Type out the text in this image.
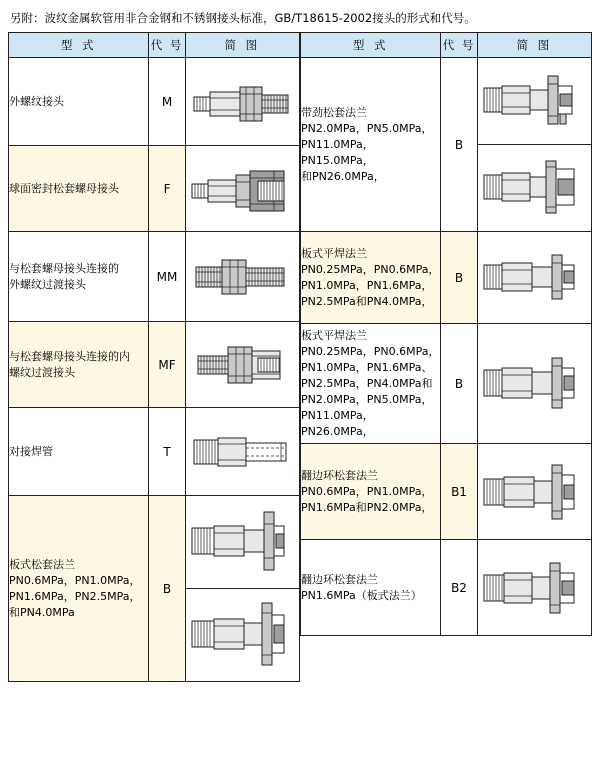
另附：波纹金属软管用非合金钢和不锈钢接头标准，GB/T18615-2002接头的形式和代号。
型 式	代 号	简 图
外螺纹接头	M	

球面密封松套螺母接头	F	

与松套螺母接头连接的
外螺纹过渡接头	MM	

与松套螺母接头连接的内
螺纹过渡接头	MF	

对接焊管	T	

板式松套法兰
PN0.6MPa，PN1.0MPa，
PN1.6MPa，PN2.5MPa，
和PN4.0MPa	B	

型 式	代 号	简 图
带劲松套法兰
PN2.0MPa，PN5.0MPa，
PN11.0MPa，PN15.0MPa，
和PN26.0MPa，	B	

板式平焊法兰
PN0.25MPa，PN0.6MPa，
PN1.0MPa，PN1.6MPa，
PN2.5MPa和PN4.0MPa，	B	

板式平焊法兰
PN0.25MPa，PN0.6MPa，
PN1.0MPa，PN1.6MPa、
PN2.5MPa，PN4.0MPa和
PN2.0MPa，PN5.0MPa，
PN11.0MPa，PN26.0MPa，	B	

翻边环松套法兰
PN0.6MPa，PN1.0MPa，
PN1.6MPa和PN2.0MPa，	B1	

翻边环松套法兰
PN1.6MPa（板式法兰）	B2	
